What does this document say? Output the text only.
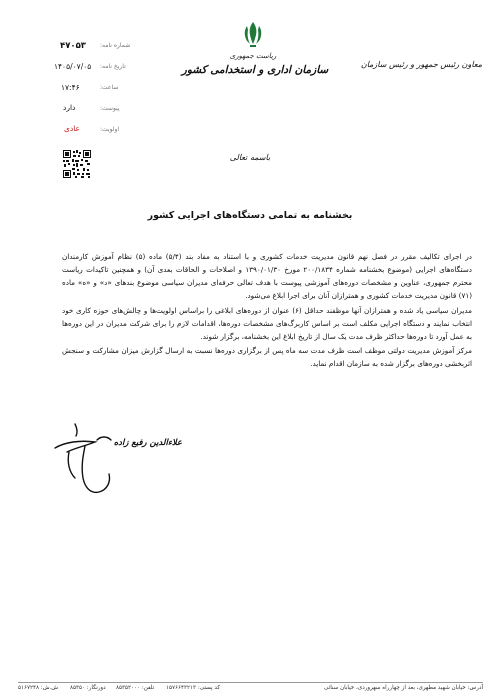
ریاست جمهوری
سازمان اداری و استخدامی کشور	معاون رئیس جمهور و رئیس سازمان
شماره نامه:
۴۷۰۵۳
تاریخ نامه:
۱۴۰۵/۰۷/۰۵
ساعت:
۱۷:۴۶
پیوست:
دارد
اولویت:
عادی
باسمه تعالی
بخشنامه به تمامی دستگاه‌های اجرایی کشور
در اجرای تکالیف مقرر در فصل نهم قانون مدیریت خدمات کشوری و با استناد به مفاد بند (۵/۴) ماده (۵) نظام آموزش کارمندان دستگاه‌های اجرایی (موضوع بخشنامه شماره ۲۰۰/۱۸۳۴ مورخ ۱۳۹۰/۰۱/۳۰ و اصلاحات و الحاقات بعدی آن) و همچنین تاکیدات ریاست محترم جمهوری، عناوین و مشخصات دوره‌های آموزشی پیوست با هدف تعالی حرفه‌ای مدیران سیاسی موضوع بندهای «د» و «ه» ماده (۷۱) قانون مدیریت خدمات کشوری و همترازان آنان برای اجرا ابلاغ می‌شود.
مدیران سیاسی یاد شده و همترازان آنها موظفند حداقل (۶) عنوان از دوره‌های ابلاغی را براساس اولویت‌ها و چالش‌های حوزه کاری خود انتخاب نمایند و دستگاه اجرایی مکلف است بر اساس کاربرگ‌های مشخصات دوره‌ها، اقدامات لازم را برای شرکت مدیران در این دوره‌ها به عمل آورد تا دوره‌ها حداکثر ظرف مدت یک سال از تاریخ ابلاغ این بخشنامه، برگزار شوند.
مرکز آموزش مدیریت دولتی موظف است ظرف مدت سه ماه پس از برگزاری دوره‌ها نسبت به ارسال گزارش میزان مشارکت و سنجش اثربخشی دوره‌های برگزار شده به سازمان اقدام نماید.
علاءالدین رفیع زاده
آدرس: خیابان شهید مطهری، بعد از چهارراه سهروردی، خیابان سنائی
کد پستی: ۱۵۷۶۶۴۳۲۱۳
تلفن: ۸۵۳۵۲۰۰۰
دورنگار: ۸۵۳۵۰
ش.ش: ۵۱۶۷۲۴۸
